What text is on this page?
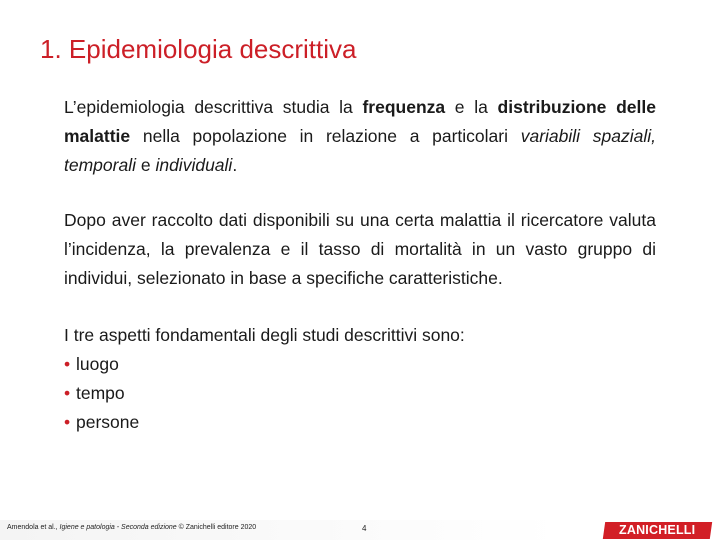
1. Epidemiologia descrittiva

L’epidemiologia descrittiva studia la frequenza e la distribuzione delle malattie nella popolazione in relazione a particolari variabili spaziali, temporali e individuali.

Dopo aver raccolto dati disponibili su una certa malattia il ricercatore valuta l’incidenza, la prevalenza e il tasso di mortalità in un vasto gruppo di individui, selezionato in base a specifiche caratteristiche.

I tre aspetti fondamentali degli studi descrittivi sono:
• luogo
• tempo
• persone
Amendola et al., Igiene e patologia - Seconda edizione © Zanichelli editore 2020	4	ZANICHELLI
